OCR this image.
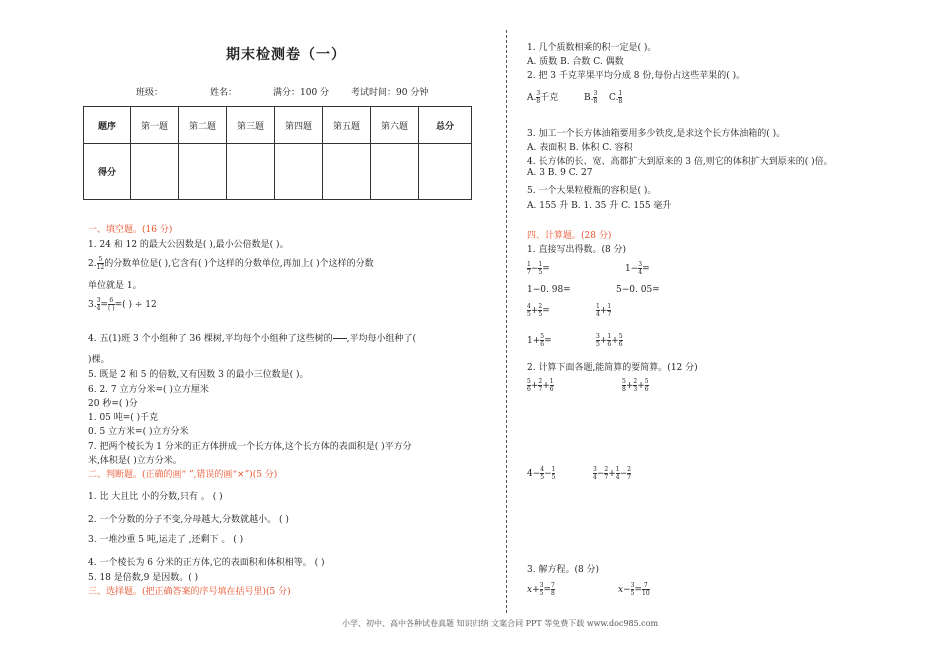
期末检测卷（一）
班级：	姓名：	满分：100 分 考试时间：90 分钟
题序	第一题	第二题	第三题	第四题	第五题	第六题	总分
得分							
一、填空题。(16 分)
1. 24 和 12 的最大公因数是( ),最小公倍数是( )。
2. $\frac{5}{12}$ 的分数单位是( ),它含有( )个这样的分数单位,再加上( )个这样的分数
单位就是 1。
3. $\frac{3}{4} = \frac{6}{( )}$ =( ) ÷ 12
4. 五(1)班 3 个小组种了 36 棵树,平均每个小组种了这些树的

,平均每小组种了(
)棵。
5. 既是 2 和 5 的倍数,又有因数 3 的最小三位数是( )。
6. 2. 7 立方分米=( )立方厘米
20 秒=( )分
1. 05 吨=( )千克
0. 5 立方米=( )立方分米
7. 把两个棱长为 1 分米的正方体拼成一个长方体,这个长方体的表面积是( )平方分
米,体积是( )立方分米。
二、判断题。(正确的画“ ”,错误的画“×”)(5 分)
1. 比 大且比 小的分数,只有 。 ( )
2. 一个分数的分子不变,分母越大,分数就越小。 ( )
3. 一堆沙重 5 吨,运走了 ,还剩下 。 ( )
4. 一个棱长为 6 分米的正方体,它的表面积和体积相等。 ( )
5. 18 是倍数,9 是因数。( )
三、选择题。(把正确答案的序号填在括号里)(5 分)
1. 几个质数相乘的积一定是( )。
A. 质数 B. 合数 C. 偶数
2. 把 3 千克苹果平均分成 8 份,每份占这些苹果的( )。
A. $\frac{3}{8}$ 千克	B. $\frac{3}{8} C$. $\frac{1}{8}$
3. 加工一个长方体油箱要用多少铁皮,是求这个长方体油箱的( )。
A. 表面积 B. 体积 C. 容积
4. 长方体的长、宽、高都扩大到原来的 3 倍,则它的体积扩大到原来的( )倍。
A. 3 B. 9 C. 27
5. 一个大果粒橙瓶的容积是( )。
A. 155 升 B. 1. 35 升 C. 155 毫升
四、计算题。(28 分)
1. 直接写出得数。(8 分)
$\frac{1}{7} - \frac{1}{5}$ =	$1- \frac{3}{4}$ =
1−0. 98=	5−0. 05=
$\frac{4}{5} + \frac{2}{5}$ =	$\frac{1}{4} + \frac{1}{7}$
$1+ \frac{5}{6}$ =	$\frac{3}{5} + \frac{1}{6} + \frac{5}{6}$
2. 计算下面各题,能简算的要简算。(12 分)
$\frac{5}{6} + \frac{2}{7} + \frac{1}{6}$	$\frac{5}{8} + \frac{2}{3} + \frac{5}{6}$
$4- \frac{4}{5} - \frac{1}{5}$	$\frac{3}{4} - \frac{2}{7} + \frac{1}{4} - \frac{2}{7}$
3. 解方程。(8 分)
$x+ \frac{3}{5} = \frac{7}{8}$	$x- \frac{3}{5} = \frac{7}{10}$
小学、初中、高中各种试卷真题 知识归纳 文案合同 PPT 等免费下载 www.doc985.com
